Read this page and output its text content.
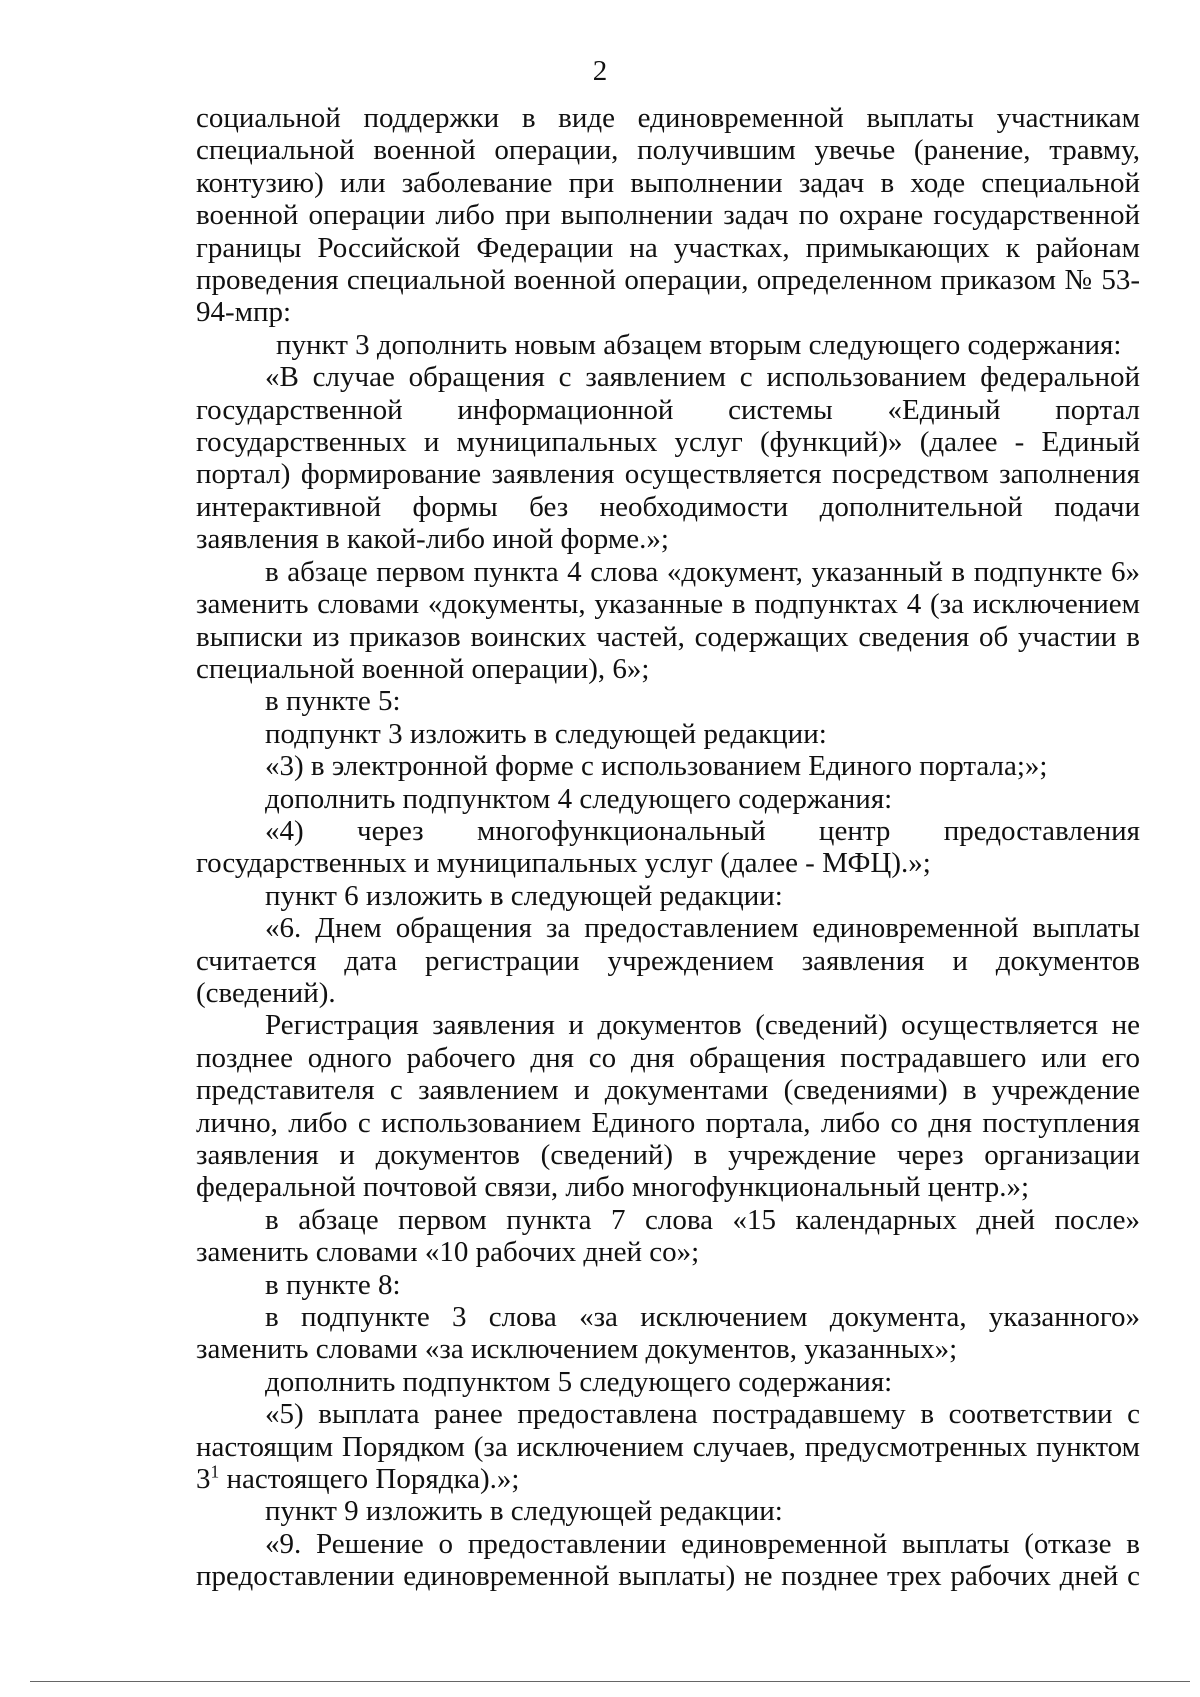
2

социальной поддержки в виде единовременной выплаты участникам специальной военной операции, получившим увечье (ранение, травму, контузию) или заболевание при выполнении задач в ходе специальной военной операции либо при выполнении задач по охране государственной границы Российской Федерации на участках, примыкающих к районам проведения специальной военной операции, определенном приказом № 53-94-мпр:

пункт 3 дополнить новым абзацем вторым следующего содержания:

«В случае обращения с заявлением с использованием федеральной государственной информационной системы «Единый портал государственных и муниципальных услуг (функций)» (далее - Единый портал) формирование заявления осуществляется посредством заполнения интерактивной формы без необходимости дополнительной подачи заявления в какой-либо иной форме.»;

в абзаце первом пункта 4 слова «документ, указанный в подпункте 6» заменить словами «документы, указанные в подпунктах 4 (за исключением выписки из приказов воинских частей, содержащих сведения об участии в специальной военной операции), 6»;

в пункте 5:

подпункт 3 изложить в следующей редакции:

«3) в электронной форме с использованием Единого портала;»;

дополнить подпунктом 4 следующего содержания:

«4) через многофункциональный центр предоставления государственных и муниципальных услуг (далее - МФЦ).»;

пункт 6 изложить в следующей редакции:

«6. Днем обращения за предоставлением единовременной выплаты считается дата регистрации учреждением заявления и документов (сведений).

Регистрация заявления и документов (сведений) осуществляется не позднее одного рабочего дня со дня обращения пострадавшего или его представителя с заявлением и документами (сведениями) в учреждение лично, либо с использованием Единого портала, либо со дня поступления заявления и документов (сведений) в учреждение через организации федеральной почтовой связи, либо многофункциональный центр.»;

в абзаце первом пункта 7 слова «15 календарных дней после» заменить словами «10 рабочих дней со»;

в пункте 8:

в подпункте 3 слова «за исключением документа, указанного» заменить словами «за исключением документов, указанных»;

дополнить подпунктом 5 следующего содержания:

«5) выплата ранее предоставлена пострадавшему в соответствии с настоящим Порядком (за исключением случаев, предусмотренных пунктом $3^1$ настоящего Порядка).»;

пункт 9 изложить в следующей редакции:

«9. Решение о предоставлении единовременной выплаты (отказе в предоставлении единовременной выплаты) не позднее трех рабочих дней с
